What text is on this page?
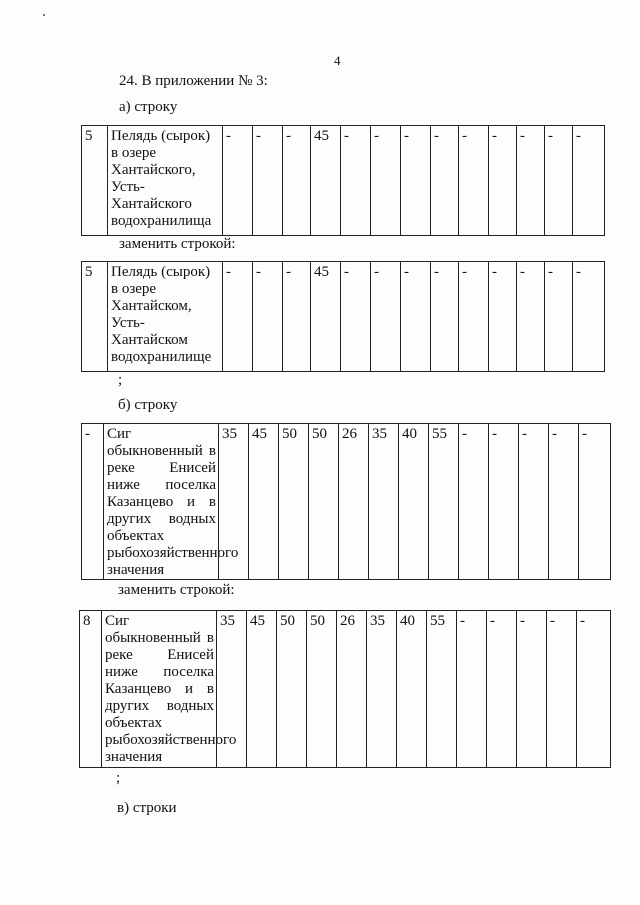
4
24. В приложении № 3:
а) строку
5	Пелядь (сырок) в озере Хантайского, Усть-Хантайского водохранилища	-	-	-	45	-	-	-	-	-	-	-	-	-
заменить строкой:
5	Пелядь (сырок) в озере Хантайском, Усть-Хантайском водохранилище	-	-	-	45	-	-	-	-	-	-	-	-	-
;
б) строку
-	Сиг обыкновенный в реке Енисей ниже поселка Казанцево и в других водных объектах рыбохозяйственного значения	35	45	50	50	26	35	40	55	-	-	-	-	-
заменить строкой:
8	Сиг обыкновенный в реке Енисей ниже поселка Казанцево и в других водных объектах рыбохозяйственного значения	35	45	50	50	26	35	40	55	-	-	-	-	-
;
в) строки
